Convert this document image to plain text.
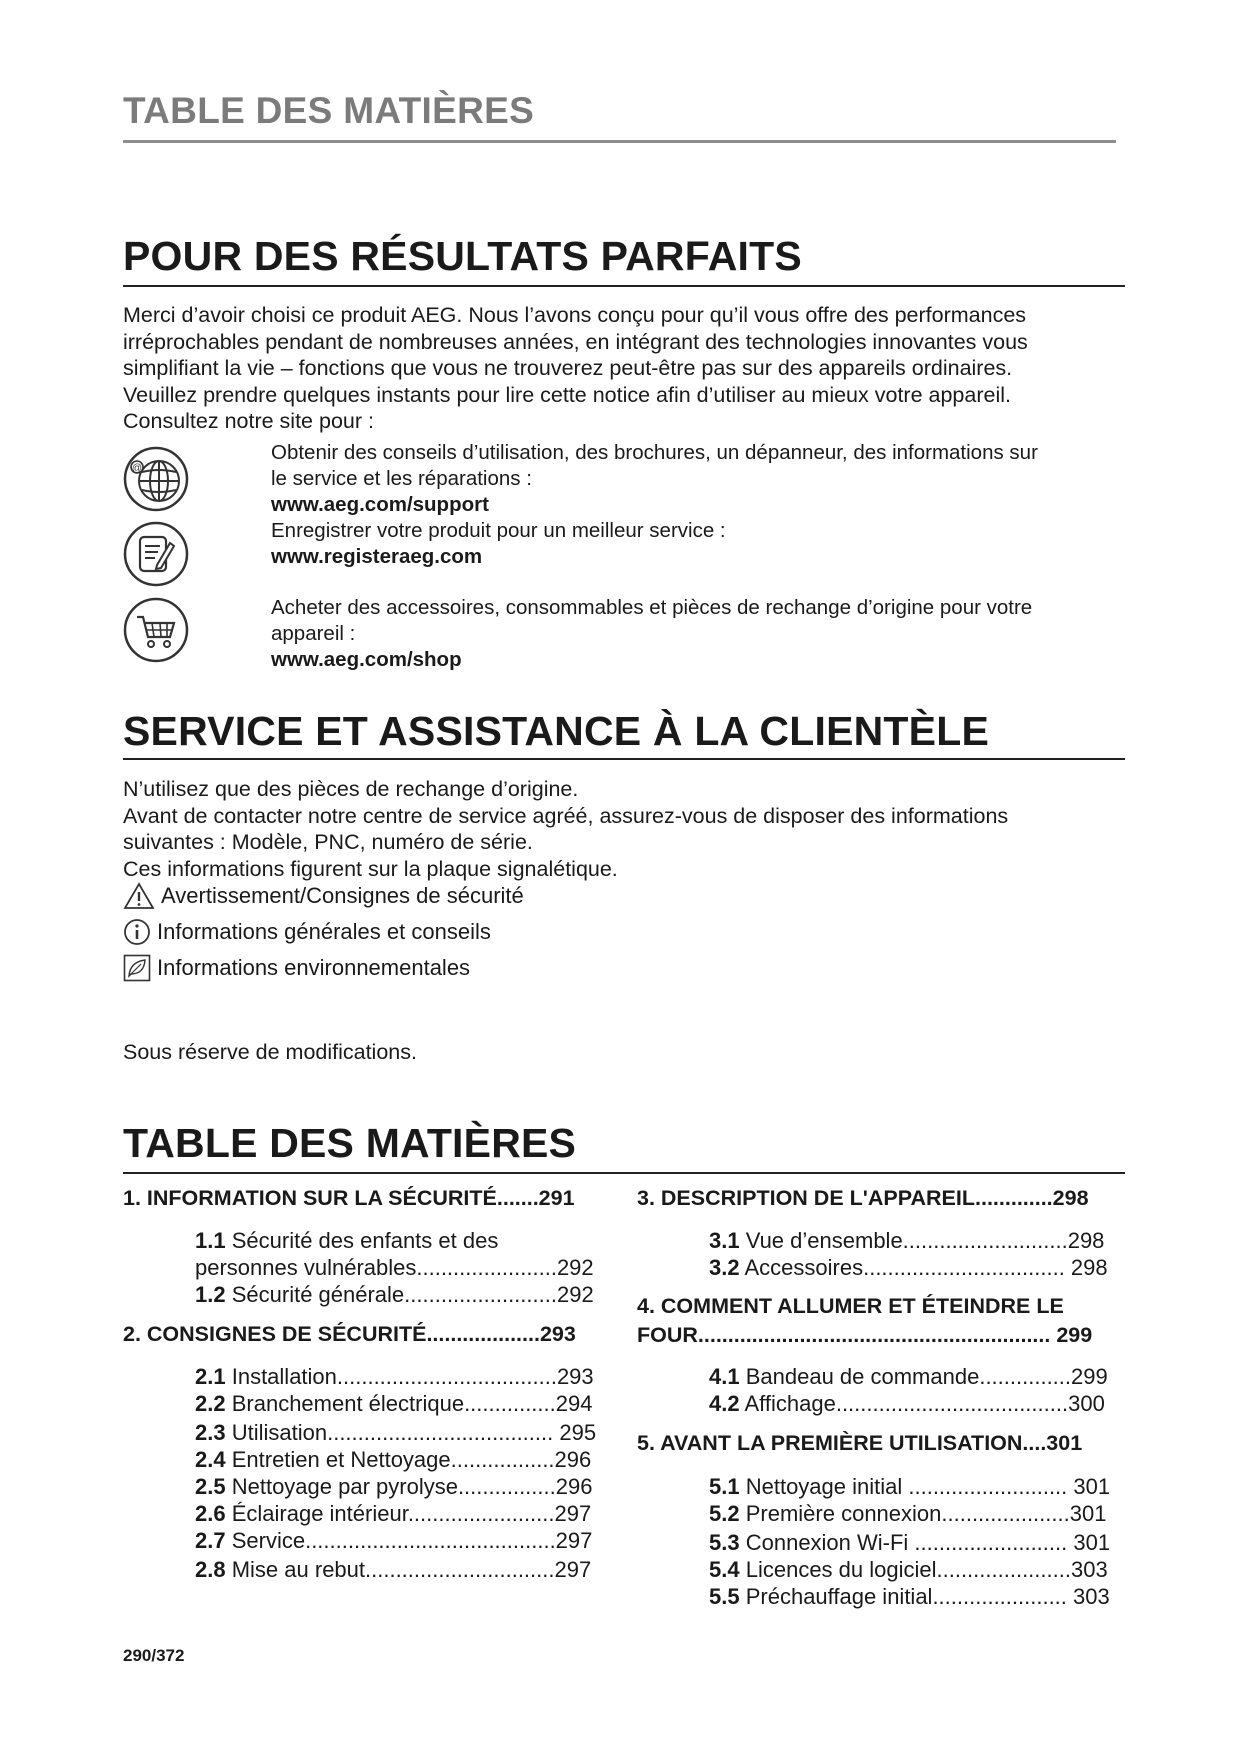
TABLE DES MATIÈRES
POUR DES RÉSULTATS PARFAITS
Merci d’avoir choisi ce produit AEG. Nous l’avons conçu pour qu’il vous offre des performances
irréprochables pendant de nombreuses années, en intégrant des technologies innovantes vous
simplifiant la vie – fonctions que vous ne trouverez peut-être pas sur des appareils ordinaires.
Veuillez prendre quelques instants pour lire cette notice afin d’utiliser au mieux votre appareil.
Consultez notre site pour :
@
Obtenir des conseils d’utilisation, des brochures, un dépanneur, des informations sur
le service et les réparations :
www.aeg.com/support
Enregistrer votre produit pour un meilleur service :
www.registeraeg.com
Acheter des accessoires, consommables et pièces de rechange d’origine pour votre
appareil :
www.aeg.com/shop
SERVICE ET ASSISTANCE À LA CLIENTÈLE
N’utilisez que des pièces de rechange d’origine.
Avant de contacter notre centre de service agréé, assurez-vous de disposer des informations
suivantes : Modèle, PNC, numéro de série.
Ces informations figurent sur la plaque signalétique.
Avertissement/Consignes de sécurité
Informations générales et conseils
Informations environnementales
Sous réserve de modifications.
TABLE DES MATIÈRES
1. INFORMATION SUR LA SÉCURITÉ.......291
1.1 Sécurité des enfants et des
personnes vulnérables.......................292
1.2 Sécurité générale.........................292
2. CONSIGNES DE SÉCURITÉ...................293
2.1 Installation....................................293
2.2 Branchement électrique...............294
2.3 Utilisation..................................... 295
2.4 Entretien et Nettoyage.................296
2.5 Nettoyage par pyrolyse................296
2.6 Éclairage intérieur........................297
2.7 Service.........................................297
2.8 Mise au rebut...............................297
3. DESCRIPTION DE L'APPAREIL.............298
3.1 Vue d’ensemble...........................298
3.2 Accessoires................................. 298
4. COMMENT ALLUMER ET ÉTEINDRE LE
FOUR........................................................... 299
4.1 Bandeau de commande...............299
4.2 Affichage......................................300
5. AVANT LA PREMIÈRE UTILISATION....301
5.1 Nettoyage initial .......................... 301
5.2 Première connexion.....................301
5.3 Connexion Wi-Fi ......................... 301
5.4 Licences du logiciel......................303
5.5 Préchauffage initial...................... 303
290/372
